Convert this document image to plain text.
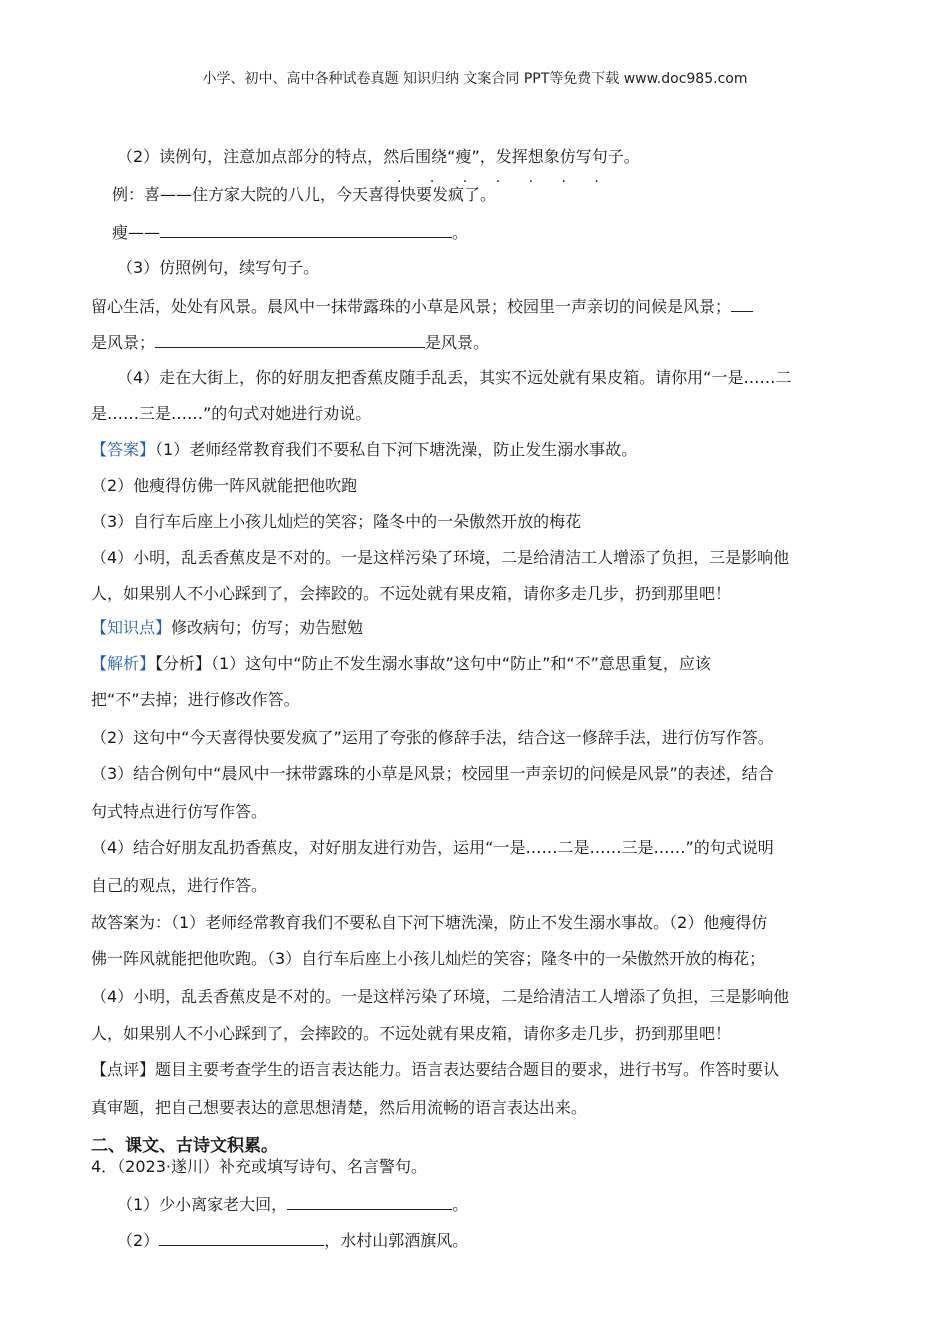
小学、初中、高中各种试卷真题 知识归纳 文案合同 PPT等免费下载 www.doc985.com
（2）读例句，注意加点部分的特点，然后围绕“瘦”，发挥想象仿写句子。
· · · · · · ·
例：喜——住方家大院的八儿，今天喜得快要发疯了。
瘦——	。
（3）仿照例句，续写句子。
留心生活，处处有风景。晨风中一抹带露珠的小草是风景；校园里一声亲切的问候是风景；
是风景；	是风景。
（4）走在大街上，你的好朋友把香蕉皮随手乱丢，其实不远处就有果皮箱。请你用“一是……二
是……三是……”的句式对她进行劝说。
【答案】（1）老师经常教育我们不要私自下河下塘洗澡，防止发生溺水事故。
（2）他瘦得仿佛一阵风就能把他吹跑
（3）自行车后座上小孩儿灿烂的笑容；隆冬中的一朵傲然开放的梅花
（4）小明，乱丢香蕉皮是不对的。一是这样污染了环境，二是给清洁工人增添了负担，三是影响他
人，如果别人不小心踩到了，会摔跤的。不远处就有果皮箱，请你多走几步，扔到那里吧！
【知识点】修改病句；仿写；劝告慰勉
【解析】【分析】（1）这句中“防止不发生溺水事故”这句中“防止”和“不”意思重复，应该
把“不”去掉；进行修改作答。
（2）这句中“今天喜得快要发疯了”运用了夸张的修辞手法，结合这一修辞手法，进行仿写作答。
（3）结合例句中“晨风中一抹带露珠的小草是风景；校园里一声亲切的问候是风景”的表述，结合
句式特点进行仿写作答。
（4）结合好朋友乱扔香蕉皮，对好朋友进行劝告，运用“一是……二是……三是……”的句式说明
自己的观点，进行作答。
故答案为：（1）老师经常教育我们不要私自下河下塘洗澡，防止不发生溺水事故。（2）他瘦得仿
佛一阵风就能把他吹跑。（3）自行车后座上小孩儿灿烂的笑容；隆冬中的一朵傲然开放的梅花；
（4）小明，乱丢香蕉皮是不对的。一是这样污染了环境，二是给清洁工人增添了负担，三是影响他
人，如果别人不小心踩到了，会摔跤的。不远处就有果皮箱，请你多走几步，扔到那里吧！
【点评】题目主要考查学生的语言表达能力。语言表达要结合题目的要求，进行书写。作答时要认
真审题，把自己想要表达的意思想清楚，然后用流畅的语言表达出来。
二、课文、古诗文积累。
4．（2023·遂川）补充或填写诗句、名言警句。
（1）少小离家老大回，	。
（2）	，水村山郭酒旗风。
